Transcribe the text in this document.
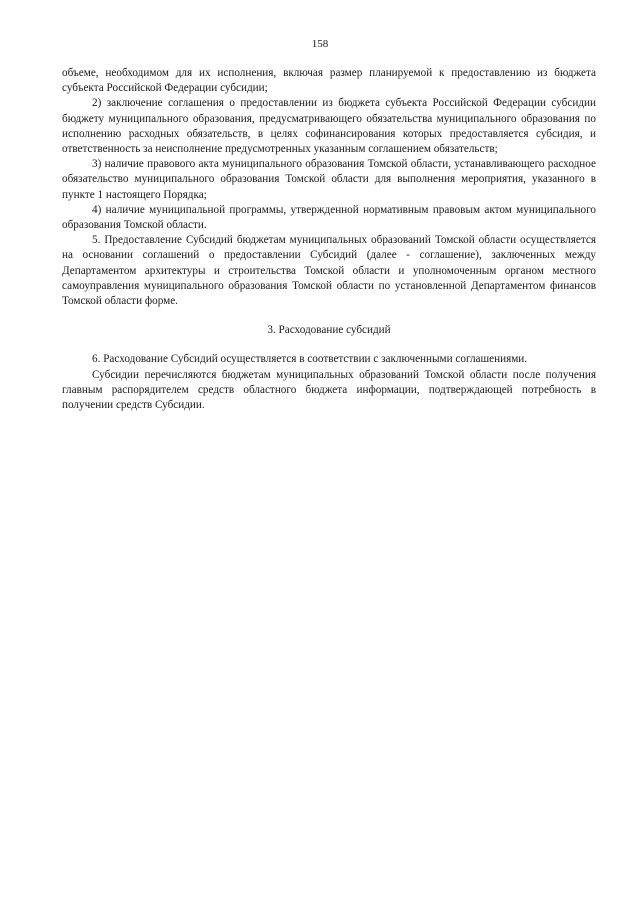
158

объеме, необходимом для их исполнения, включая размер планируемой к предоставлению из бюджета субъекта Российской Федерации субсидии;

2) заключение соглашения о предоставлении из бюджета субъекта Российской Федерации субсидии бюджету муниципального образования, предусматривающего обязательства муниципального образования по исполнению расходных обязательств, в целях софинансирования которых предоставляется субсидия, и ответственность за неисполнение предусмотренных указанным соглашением обязательств;

3) наличие правового акта муниципального образования Томской области, устанавливающего расходное обязательство муниципального образования Томской области для выполнения мероприятия, указанного в пункте 1 настоящего Порядка;

4) наличие муниципальной программы, утвержденной нормативным правовым актом муниципального образования Томской области.

5. Предоставление Субсидий бюджетам муниципальных образований Томской области осуществляется на основании соглашений о предоставлении Субсидий (далее - соглашение), заключенных между Департаментом архитектуры и строительства Томской области и уполномоченным органом местного самоуправления муниципального образования Томской области по установленной Департаментом финансов Томской области форме.

3. Расходование субсидий

6. Расходование Субсидий осуществляется в соответствии с заключенными соглашениями.

Субсидии перечисляются бюджетам муниципальных образований Томской области после получения главным распорядителем средств областного бюджета информации, подтверждающей потребность в получении средств Субсидии.
